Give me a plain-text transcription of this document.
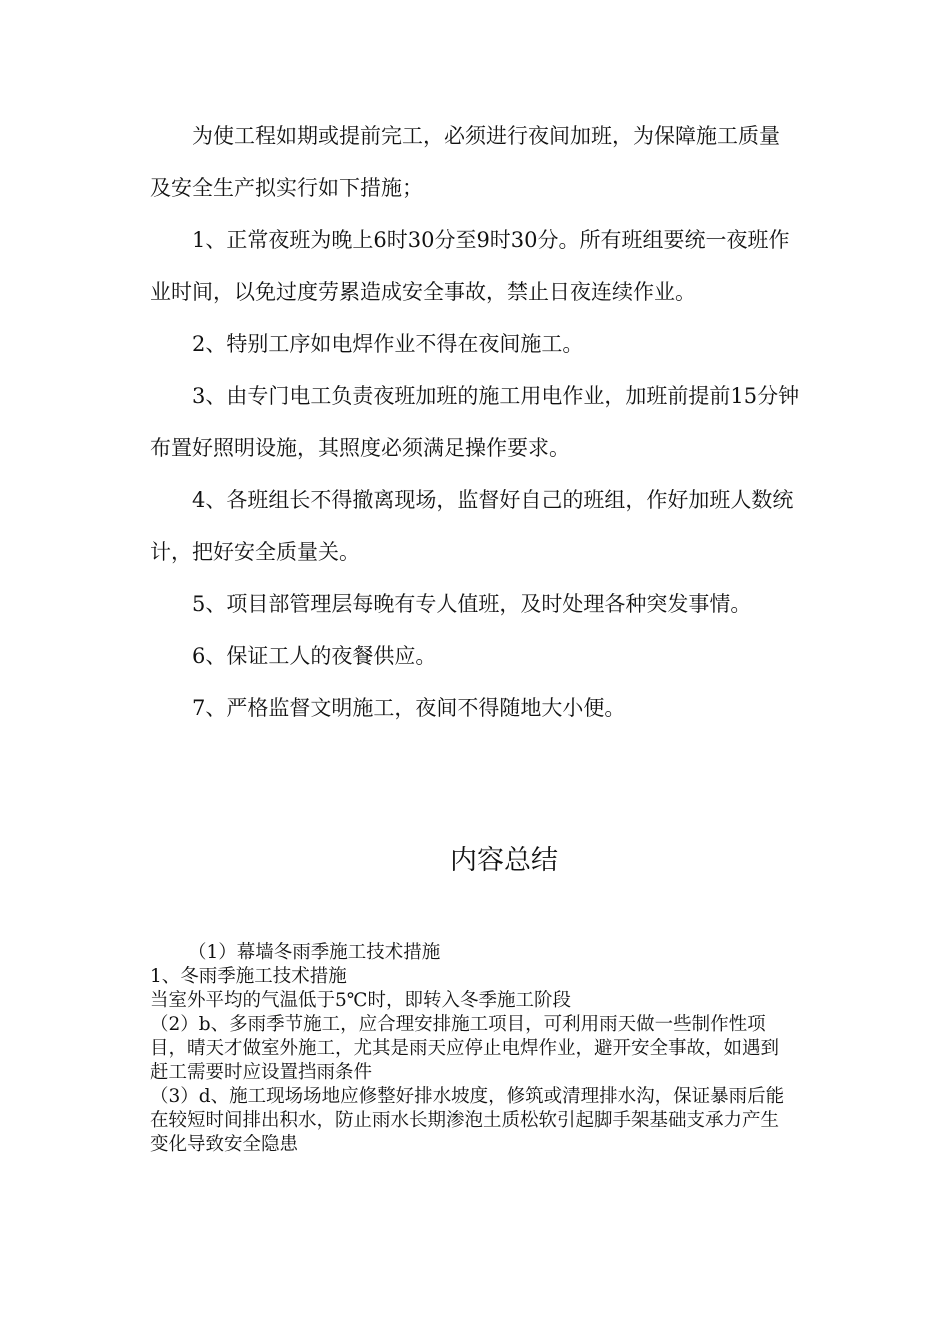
为使工程如期或提前完工，必须进行夜间加班，为保障施工质量及安全生产拟实行如下措施；

1、正常夜班为晚上6时30分至9时30分。所有班组要统一夜班作业时间，以免过度劳累造成安全事故，禁止日夜连续作业。

2、特别工序如电焊作业不得在夜间施工。

3、由专门电工负责夜班加班的施工用电作业，加班前提前15分钟布置好照明设施，其照度必须满足操作要求。

4、各班组长不得撤离现场，监督好自己的班组，作好加班人数统计，把好安全质量关。

5、项目部管理层每晚有专人值班，及时处理各种突发事情。

6、保证工人的夜餐供应。

7、严格监督文明施工，夜间不得随地大小便。

内容总结

（1）幕墙冬雨季施工技术措施

1、冬雨季施工技术措施

当室外平均的气温低于5℃时，即转入冬季施工阶段

（2）b、多雨季节施工，应合理安排施工项目，可利用雨天做一些制作性项目，晴天才做室外施工，尤其是雨天应停止电焊作业，避开安全事故，如遇到赶工需要时应设置挡雨条件

（3）d、施工现场场地应修整好排水坡度，修筑或清理排水沟，保证暴雨后能在较短时间排出积水，防止雨水长期渗泡土质松软引起脚手架基础支承力产生变化导致安全隐患
